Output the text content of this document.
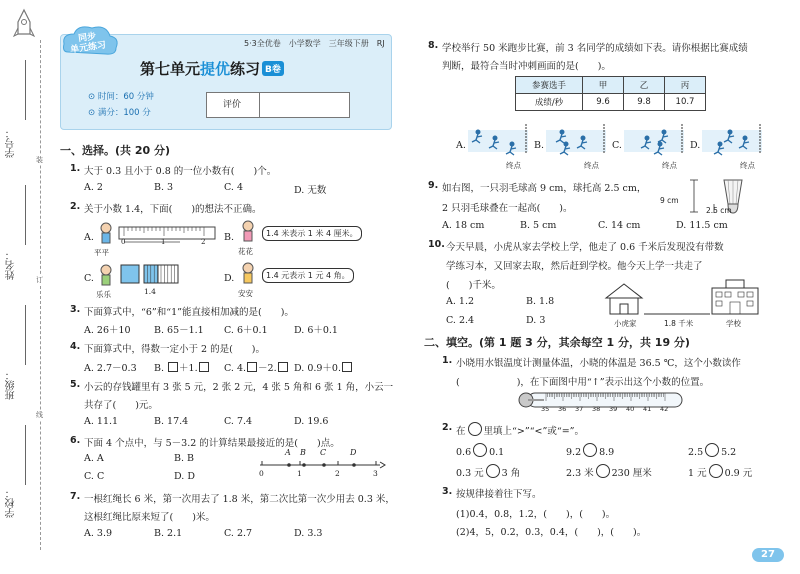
学号：
姓名：
班级：
学校：
装
订
线
同步
单元练习	5·3全优卷　小学数学　三年级下册　RJ
第七单元提优练习 B卷
⊙ 时间：60 分钟
⊙ 满分：100 分
评价
一、选择。(共 20 分)
1. 大于 0.3 且小于 0.8 的一位小数有(　　)个。
A. 2	B. 3	C. 4	D. 无数
2. 关于小数 1.4，下面(　　)的想法不正确。
A.
平平
0	1	2 B.
花花
1.4 米表示 1 米 4 厘米。
C.
乐乐	1.4
D.
安安
1.4 元表示 1 元 4 角。
3. 下面算式中，“6”和“1”能直接相加减的是(　　)。
A. 26＋10 B. 65－1.1 C. 6＋0.1	D. 6＋0.1
4. 下面算式中，得数一定小于 2 的是(　　)。
A. 2.7－0.3 B. ＋1.	C. 4. －2.	D. 0.9＋0.
5. 小云的存钱罐里有 3 张 5 元，2 张 2 元，4 张 5 角和 6 张 1 角，小云一
共存了(　　)元。
A. 11.1	B. 17.4	C. 7.4	D. 19.6
6. 下面 4 个点中，与 5－3.2 的计算结果最接近的是(　　)点。
A. A	B. B
C. C	D. D
A B C	D
0	1	2	3
7. 一根红绳长 6 米，第一次用去了 1.8 米，第二次比第一次少用去 0.3 米，
这根红绳比原来短了(　　)米。
A. 3.9	B. 2.1	C. 2.7	D. 3.3
8. 学校举行 50 米跑步比赛，前 3 名同学的成绩如下表。请你根据比赛成绩
判断，最符合当时冲刺画面的是(　　)。
参赛选手	甲	乙	丙
成绩/秒	9.6	9.8	10.7
A.	B.	C.	D.
终点	终点	终点	终点
9. 如右图，一只羽毛球高 9 cm，球托高 2.5 cm，
2 只羽毛球叠在一起高(　　)。
A. 18 cm	B. 5 cm	C. 14 cm	D. 11.5 cm
9 cm
2.5 cm
10. 今天早晨，小虎从家去学校上学，他走了 0.6 千米后发现没有带数
学练习本，又回家去取，然后赶到学校。他今天上学一共走了
(　　)千米。
A. 1.2	B. 1.8
C. 2.4	D. 3	小虎家	1.8 千米	学校
二、填空。(第 1 题 3 分，其余每空 1 分，共 19 分)
1. 小晓用水银温度计测量体温，小晓的体温是 36.5 ℃，这个小数读作
(　　　　　　)，在下面图中用“↑”表示出这个小数的位置。
35 36 37 38 39 40 41 42
2. 在 里填上“>”“<”或“=”。
0.6 0.1	9.2 8.9	2.5 5.2
0.3 元 3 角	2.3 米 230 厘米	1 元 0.9 元
3. 按规律接着往下写。
(1)0.4，0.8，1.2，(　　)，(　　)。
(2)4，5，0.2，0.3，0.4，(　　)，(　　)。
27
